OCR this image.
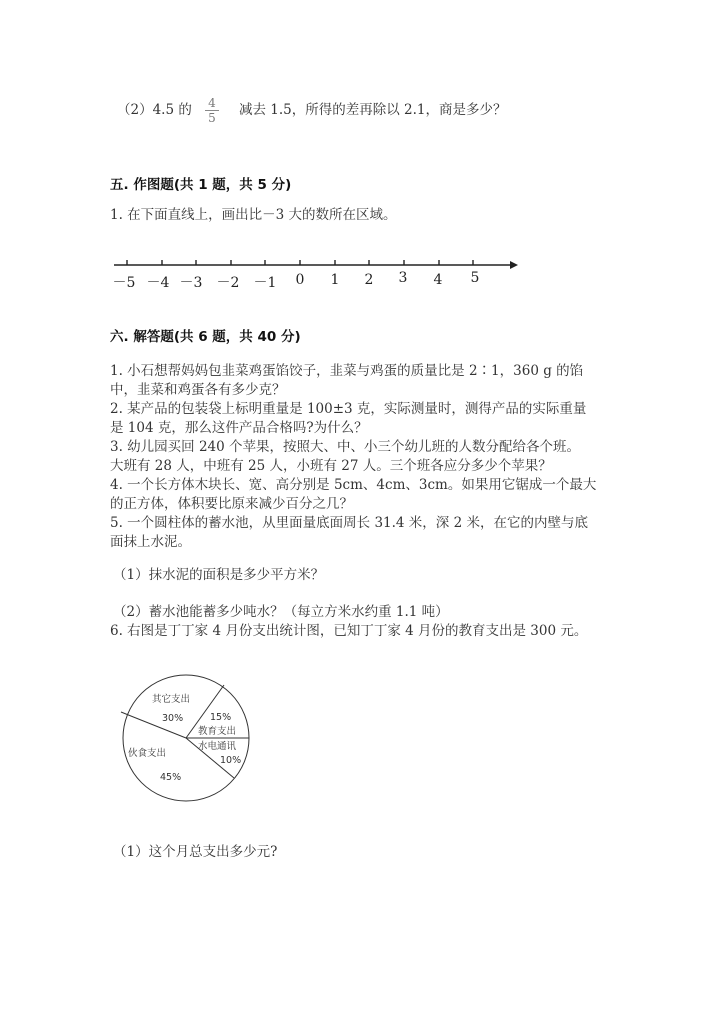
（2）4.5 的 $\frac{4}{5}$ 减去 1.5，所得的差再除以 2.1，商是多少？
五. 作图题(共 1 题，共 5 分)
1. 在下面直线上，画出比－3 大的数所在区域。
－5 －4 －3 －2 －1 0 1 2 3 4 5
六. 解答题(共 6 题，共 40 分)
1. 小石想帮妈妈包韭菜鸡蛋馅饺子，韭菜与鸡蛋的质量比是 2∶1，360 g 的馅
中，韭菜和鸡蛋各有多少克？
2. 某产品的包装袋上标明重量是 100±3 克，实际测量时，测得产品的实际重量
是 104 克，那么这件产品合格吗?为什么？
3. 幼儿园买回 240 个苹果，按照大、中、小三个幼儿班的人数分配给各个班。
大班有 28 人，中班有 25 人，小班有 27 人。三个班各应分多少个苹果？
4. 一个长方体木块长、宽、高分别是 5cm、4cm、3cm。如果用它锯成一个最大
的正方体，体积要比原来减少百分之几？
5. 一个圆柱体的蓄水池，从里面量底面周长 31.4 米，深 2 米，在它的内壁与底
面抹上水泥。
（1）抹水泥的面积是多少平方米？
（2）蓄水池能蓄多少吨水？（每立方米水约重 1.1 吨）
6. 右图是丁丁家 4 月份支出统计图，已知丁丁家 4 月份的教育支出是 300 元。
其它支出
30%	15%
教育支出
水电通讯
10%
伙食支出
45%
（1）这个月总支出多少元?
